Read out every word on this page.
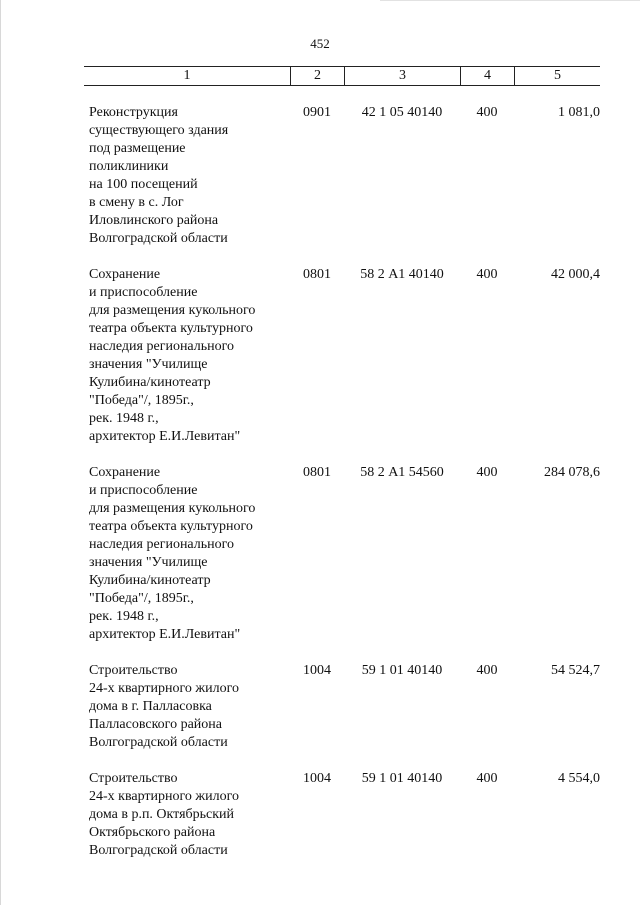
452
1	2	3	4	5
Реконструкция
существующего здания
под размещение
поликлиники
на 100 посещений
в смену в с. Лог
Иловлинского района
Волгоградской области
0901	42 1 05 40140	400	1 081,0
Сохранение
и приспособление
для размещения кукольного
театра объекта культурного
наследия регионального
значения "Училище
Кулибина/кинотеатр
"Победа"/, 1895г.,
рек. 1948 г.,
архитектор Е.И.Левитан"
0801	58 2 А1 40140	400	42 000,4
Сохранение
и приспособление
для размещения кукольного
театра объекта культурного
наследия регионального
значения "Училище
Кулибина/кинотеатр
"Победа"/, 1895г.,
рек. 1948 г.,
архитектор Е.И.Левитан"
0801	58 2 А1 54560	400	284 078,6
Строительство
24-х квартирного жилого
дома в г. Палласовка
Палласовского района
Волгоградской области
1004	59 1 01 40140	400	54 524,7
Строительство
24-х квартирного жилого
дома в р.п. Октябрьский
Октябрьского района
Волгоградской области
1004	59 1 01 40140	400	4 554,0
